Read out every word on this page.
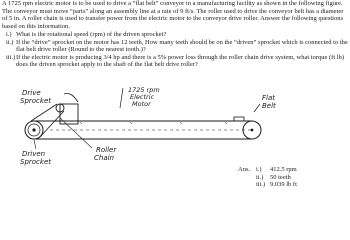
A 1725 rpm electric motor is to be used to drive a “flat belt” conveyor in a manufacturing facility as shown in the following figure. The conveyor must move “parts” along an assembly line at a rate of 9 ft/s. The roller used to drive the conveyor belt has a diameter of 5 in. A roller chain is used to transfer power from the electric motor to the conveyor drive roller. Answer the following questions based on this information.

i.) What is the rotational speed (rpm) of the driven sprocket?
ii.) If the “drive” sprocket on the motor has 12 teeth, How many teeth should be on the “driven” sprocket which is connected to the flat belt drive roller (Round to the nearest tooth.)?
iii.) If the electric motor is producing 3/4 hp and there is a 5% power loss through the roller chain drive system, what torque (ft lb) does the driven sprocket apply to the shaft of the flat belt drive roller?
Drive
Sprocket
1725 rpm
Electric
Motor
Flat
Belt
Driven
Sprocket
Roller
Chain
Ans. i.)	412.5 rpm
ii.)	50 teeth
iii.) 9.039 lb ft
